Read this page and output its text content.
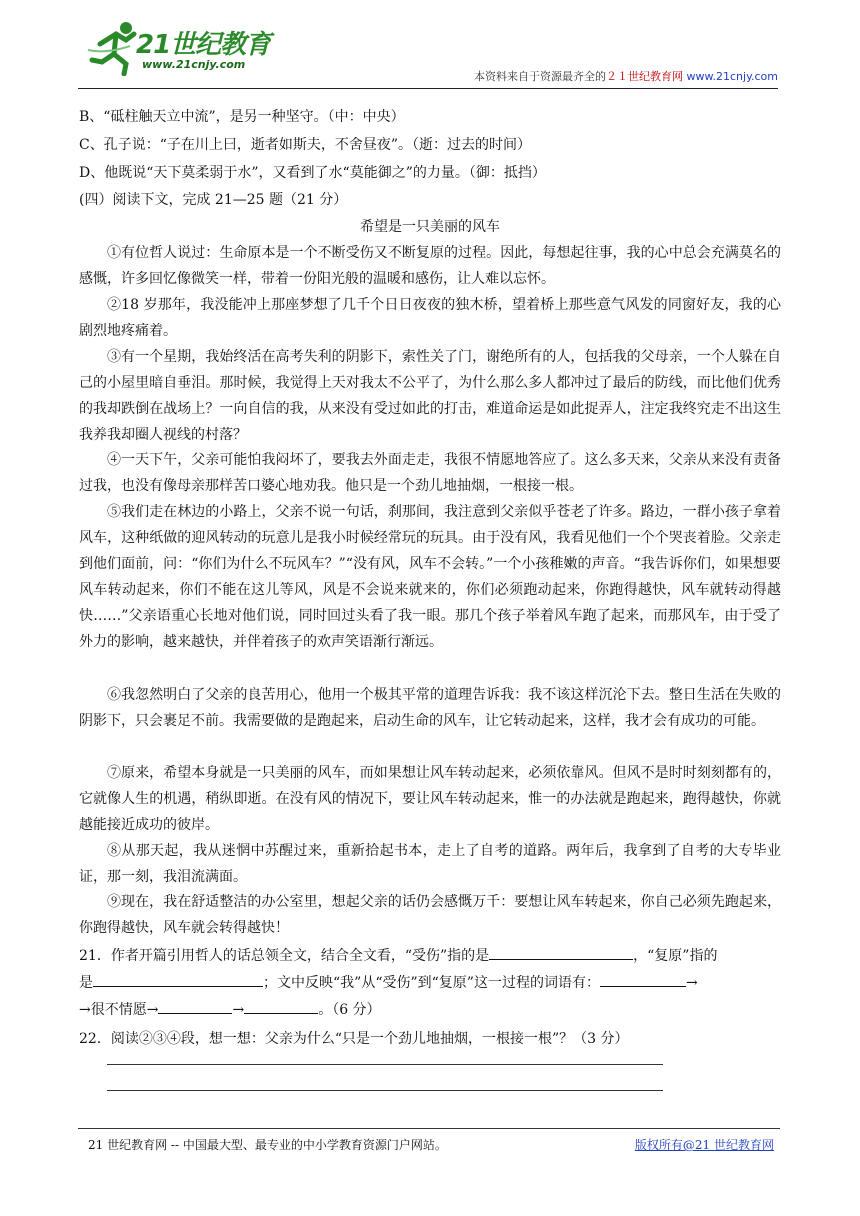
21世纪教育
www.21cnjy.com
本资料来自于资源最齐全的２１世纪教育网 www.21cnjy.com
B、“砥柱触天立中流”，是另一种坚守。（中：中央）
C、孔子说：“子在川上曰，逝者如斯夫，不舍昼夜”。（逝：过去的时间）
D、他既说“天下莫柔弱于水”，又看到了水“莫能御之”的力量。（御：抵挡）
(四）阅读下文，完成 21—25 题（21 分）
希望是一只美丽的风车
①有位哲人说过：生命原本是一个不断受伤又不断复原的过程。因此，每想起往事，我的心中总会充满莫名的感慨，许多回忆像微笑一样，带着一份阳光般的温暖和感伤，让人难以忘怀。
②18 岁那年，我没能冲上那座梦想了几千个日日夜夜的独木桥，望着桥上那些意气风发的同窗好友，我的心剧烈地疼痛着。
③有一个星期，我始终活在高考失利的阴影下，索性关了门，谢绝所有的人，包括我的父母亲，一个人躲在自己的小屋里暗自垂泪。那时候，我觉得上天对我太不公平了，为什么那么多人都冲过了最后的防线，而比他们优秀的我却跌倒在战场上？一向自信的我，从来没有受过如此的打击，难道命运是如此捉弄人，注定我终究走不出这生我养我却圈人视线的村落？
④一天下午，父亲可能怕我闷坏了，要我去外面走走，我很不情愿地答应了。这么多天来，父亲从来没有责备过我，也没有像母亲那样苦口婆心地劝我。他只是一个劲儿地抽烟，一根接一根。
⑤我们走在林边的小路上，父亲不说一句话，刹那间，我注意到父亲似乎苍老了许多。路边，一群小孩子拿着风车，这种纸做的迎风转动的玩意儿是我小时候经常玩的玩具。由于没有风，我看见他们一个个哭丧着脸。父亲走到他们面前，问：“你们为什么不玩风车？”“没有风，风车不会转。”一个小孩稚嫩的声音。“我告诉你们，如果想要风车转动起来，你们不能在这儿等风，风是不会说来就来的，你们必须跑动起来，你跑得越快，风车就转动得越快……”父亲语重心长地对他们说，同时回过头看了我一眼。那几个孩子举着风车跑了起来，而那风车，由于受了外力的影响，越来越快，并伴着孩子的欢声笑语渐行渐远。
⑥我忽然明白了父亲的良苦用心，他用一个极其平常的道理告诉我：我不该这样沉沦下去。整日生活在失败的阴影下，只会裹足不前。我需要做的是跑起来，启动生命的风车，让它转动起来，这样，我才会有成功的可能。
⑦原来，希望本身就是一只美丽的风车，而如果想让风车转动起来，必须依靠风。但风不是时时刻刻都有的，它就像人生的机遇，稍纵即逝。在没有风的情况下，要让风车转动起来，惟一的办法就是跑起来，跑得越快，你就越能接近成功的彼岸。
⑧从那天起，我从迷惘中苏醒过来，重新拾起书本，走上了自考的道路。两年后，我拿到了自考的大专毕业证，那一刻，我泪流满面。
⑨现在，我在舒适整洁的办公室里，想起父亲的话仍会感慨万千：要想让风车转起来，你自己必须先跑起来，你跑得越快，风车就会转得越快！
21．作者开篇引用哲人的话总领全文，结合全文看，“受伤”指的是	，“复原”指的
是	；文中反映“我”从“受伤”到“复原”这一过程的词语有：	→
→很不情愿→	→	。（6 分）
22．阅读②③④段，想一想：父亲为什么“只是一个劲儿地抽烟，一根接一根”？（3 分）
21 世纪教育网 -- 中国最大型、最专业的中小学教育资源门户网站。	版权所有@21 世纪教育网
